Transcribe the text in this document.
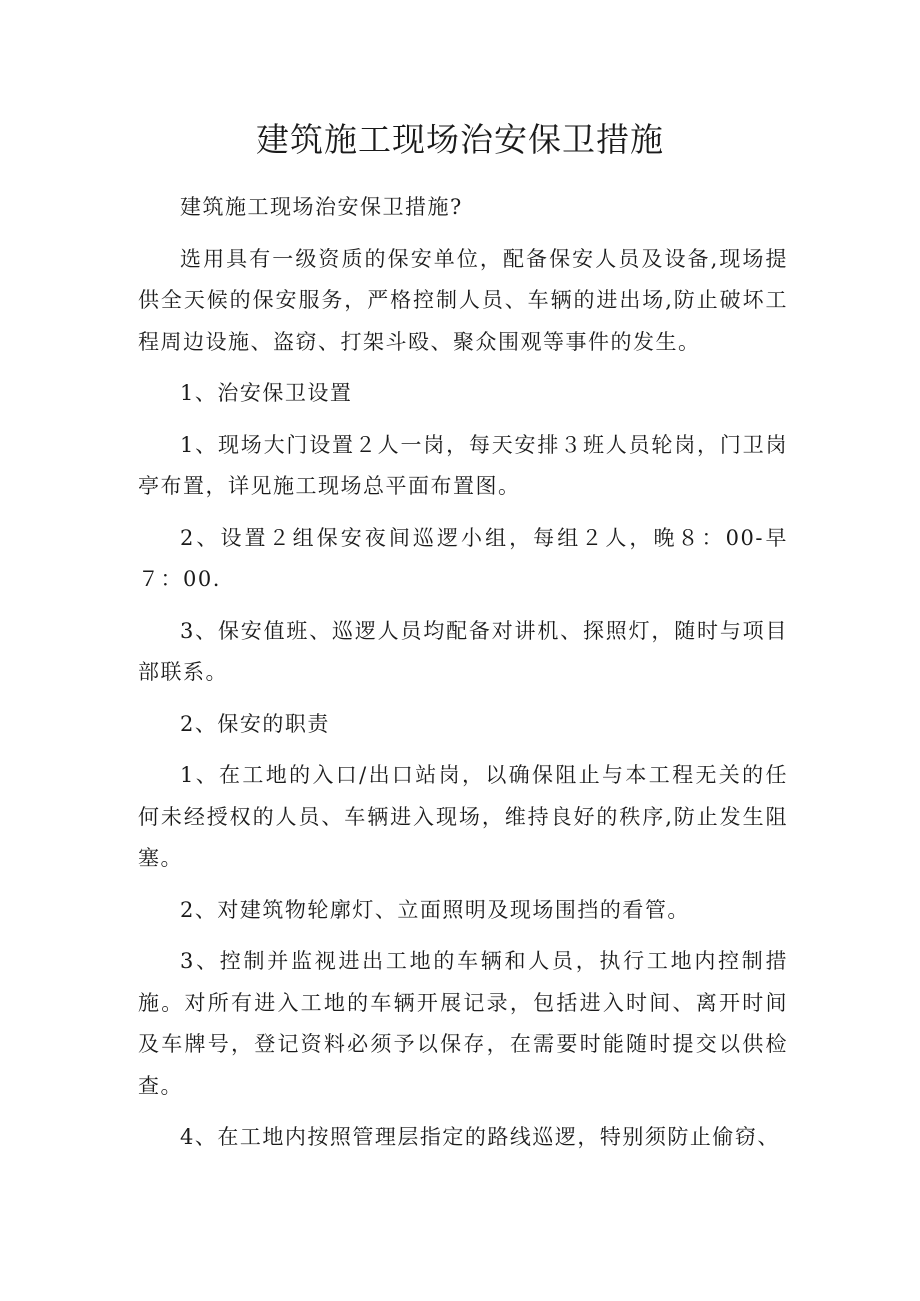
建筑施工现场治安保卫措施

建筑施工现场治安保卫措施?

选用具有一级资质的保安单位，配备保安人员及设备,现场提供全天候的保安服务，严格控制人员、车辆的进出场,防止破坏工程周边设施、盗窃、打架斗殴、聚众围观等事件的发生。

1、治安保卫设置

1、现场大门设置２人一岗，每天安排３班人员轮岗，门卫岗亭布置，详见施工现场总平面布置图。

2、设置２组保安夜间巡逻小组，每组２人，晚８：00-早７：00.

3、保安值班、巡逻人员均配备对讲机、探照灯，随时与项目部联系。

2、保安的职责

1、在工地的入口/出口站岗，以确保阻止与本工程无关的任何未经授权的人员、车辆进入现场，维持良好的秩序,防止发生阻塞。

2、对建筑物轮廓灯、立面照明及现场围挡的看管。

3、控制并监视进出工地的车辆和人员，执行工地内控制措施。对所有进入工地的车辆开展记录，包括进入时间、离开时间及车牌号，登记资料必须予以保存，在需要时能随时提交以供检查。

4、在工地内按照管理层指定的路线巡逻，特别须防止偷窃、
